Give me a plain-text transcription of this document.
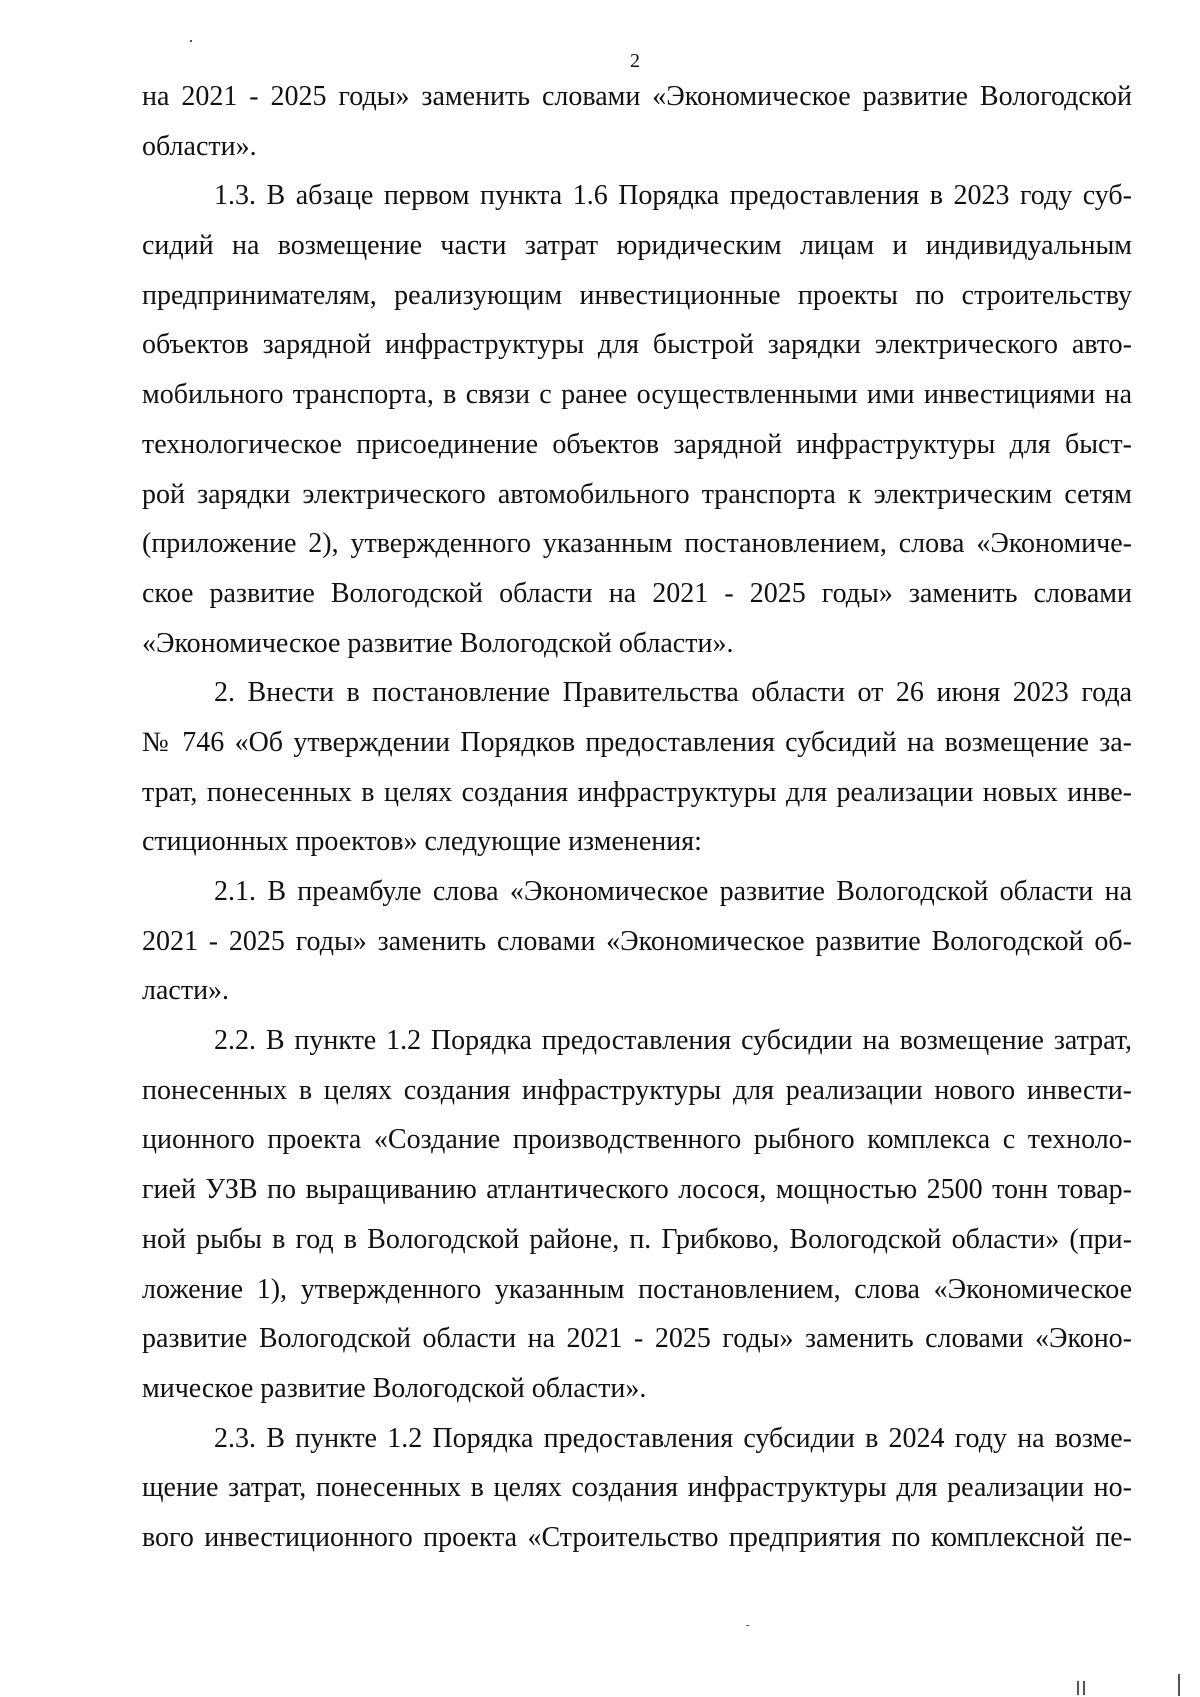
2
на 2021 - 2025 годы» заменить словами «Экономическое развитие Вологодской
области».
1.3. В абзаце первом пункта 1.6 Порядка предоставления в 2023 году суб-
сидий на возмещение части затрат юридическим лицам и индивидуальным
предпринимателям, реализующим инвестиционные проекты по строительству
объектов зарядной инфраструктуры для быстрой зарядки электрического авто-
мобильного транспорта, в связи с ранее осуществленными ими инвестициями на
технологическое присоединение объектов зарядной инфраструктуры для быст-
рой зарядки электрического автомобильного транспорта к электрическим сетям
(приложение 2), утвержденного указанным постановлением, слова «Экономиче-
ское развитие Вологодской области на 2021 - 2025 годы» заменить словами
«Экономическое развитие Вологодской области».
2. Внести в постановление Правительства области от 26 июня 2023 года
№ 746 «Об утверждении Порядков предоставления субсидий на возмещение за-
трат, понесенных в целях создания инфраструктуры для реализации новых инве-
стиционных проектов» следующие изменения:
2.1. В преамбуле слова «Экономическое развитие Вологодской области на
2021 - 2025 годы» заменить словами «Экономическое развитие Вологодской об-
ласти».
2.2. В пункте 1.2 Порядка предоставления субсидии на возмещение затрат,
понесенных в целях создания инфраструктуры для реализации нового инвести-
ционного проекта «Создание производственного рыбного комплекса с техноло-
гией УЗВ по выращиванию атлантического лосося, мощностью 2500 тонн товар-
ной рыбы в год в Вологодской районе, п. Грибково, Вологодской области» (при-
ложение 1), утвержденного указанным постановлением, слова «Экономическое
развитие Вологодской области на 2021 - 2025 годы» заменить словами «Эконо-
мическое развитие Вологодской области».
2.3. В пункте 1.2 Порядка предоставления субсидии в 2024 году на возме-
щение затрат, понесенных в целях создания инфраструктуры для реализации но-
вого инвестиционного проекта «Строительство предприятия по комплексной пе-
